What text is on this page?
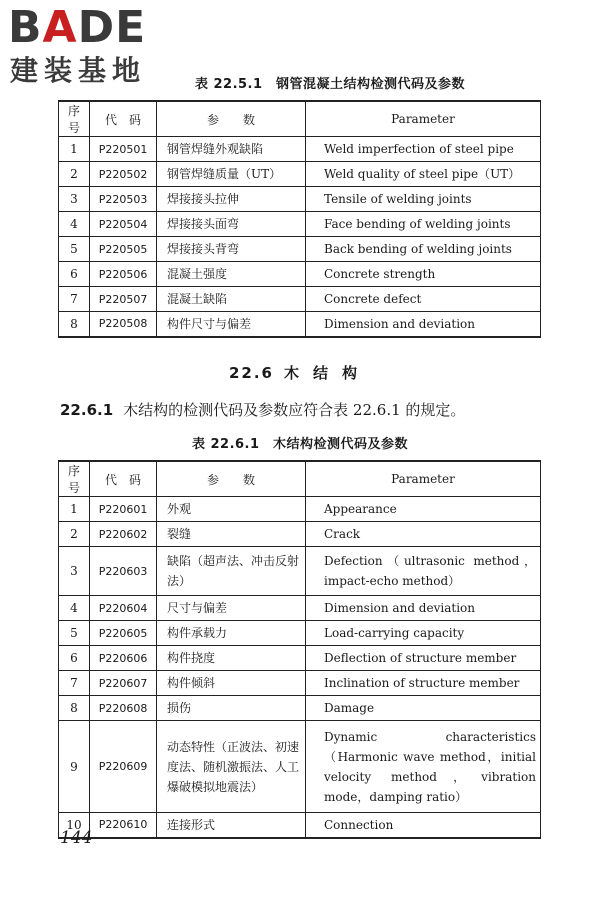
BADE
建装基地	表 22.5.1　钢管混凝土结构检测代码及参数
序号	代　码	参　　数	Parameter
1	P220501	钢管焊缝外观缺陷	Weld imperfection of steel pipe
2	P220502	钢管焊缝质量（UT）	Weld quality of steel pipe（UT）
3	P220503	焊接接头拉伸	Tensile of welding joints
4	P220504	焊接接头面弯	Face bending of welding joints
5	P220505	焊接接头背弯	Back bending of welding joints
6	P220506	混凝土强度	Concrete strength
7	P220507	混凝土缺陷	Concrete defect
8	P220508	构件尺寸与偏差	Dimension and deviation
22.6 木结构
22.6.1 木结构的检测代码及参数应符合表 22.6.1 的规定。
表 22.6.1　木结构检测代码及参数
序号	代　码	参　　数	Parameter
1	P220601	外观	Appearance
2	P220602	裂缝	Crack
3	P220603	缺陷（超声法、冲击反射法）	Defection（ultrasonic method，impact-echo method）
4	P220604	尺寸与偏差	Dimension and deviation
5	P220605	构件承载力	Load-carrying capacity
6	P220606	构件挠度	Deflection of structure member
7	P220607	构件倾斜	Inclination of structure member
8	P220608	损伤	Damage
9	P220609	动态特性（正波法、初速度法、随机激振法、人工爆破模拟地震法）	Dynamic characteristics（Harmonic wave method，initial velocity method，vibration mode，damping ratio）
10	P220610	连接形式	Connection
144
